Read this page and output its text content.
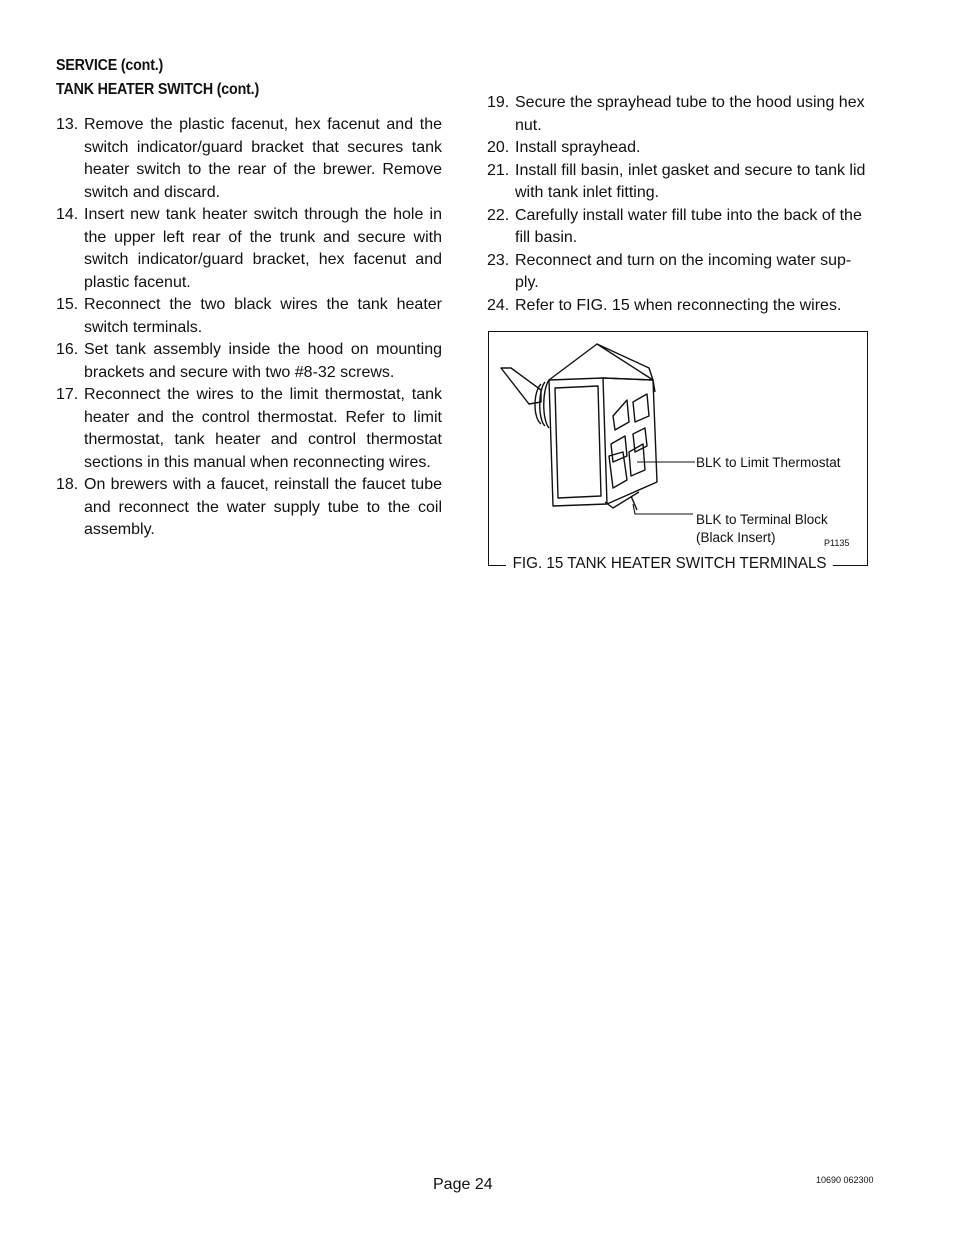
SERVICE (cont.)
TANK HEATER SWITCH (cont.)
13. Remove the plastic facenut, hex facenut and the switch indicator/guard bracket that secures tank heater switch to the rear of the brewer. Remove switch and discard.
14. Insert new tank heater switch through the hole in the upper left rear of the trunk and secure with switch indicator/guard bracket, hex facenut and plastic facenut.
15. Reconnect the two black wires the tank heater switch terminals.
16. Set tank assembly inside the hood on mounting brackets and secure with two #8-32 screws.
17. Reconnect the wires to the limit thermostat, tank heater and the control thermostat. Refer to limit thermostat, tank heater and control thermostat sections in this manual when reconnecting wires.
18. On brewers with a faucet, reinstall the faucet tube and reconnect the water supply tube to the coil assembly.
19. Secure the sprayhead tube to the hood using hex nut.
20. Install sprayhead.
21. Install fill basin, inlet gasket and secure to tank lid with tank inlet fitting.
22. Carefully install water fill tube into the back of the fill basin.
23. Reconnect and turn on the incoming water sup-ply.
24. Refer to FIG. 15 when reconnecting the wires.
BLK to Limit Thermostat
BLK to Terminal Block
(Black Insert)	P1135
FIG. 15 TANK HEATER SWITCH TERMINALS
Page 24	10690 062300
